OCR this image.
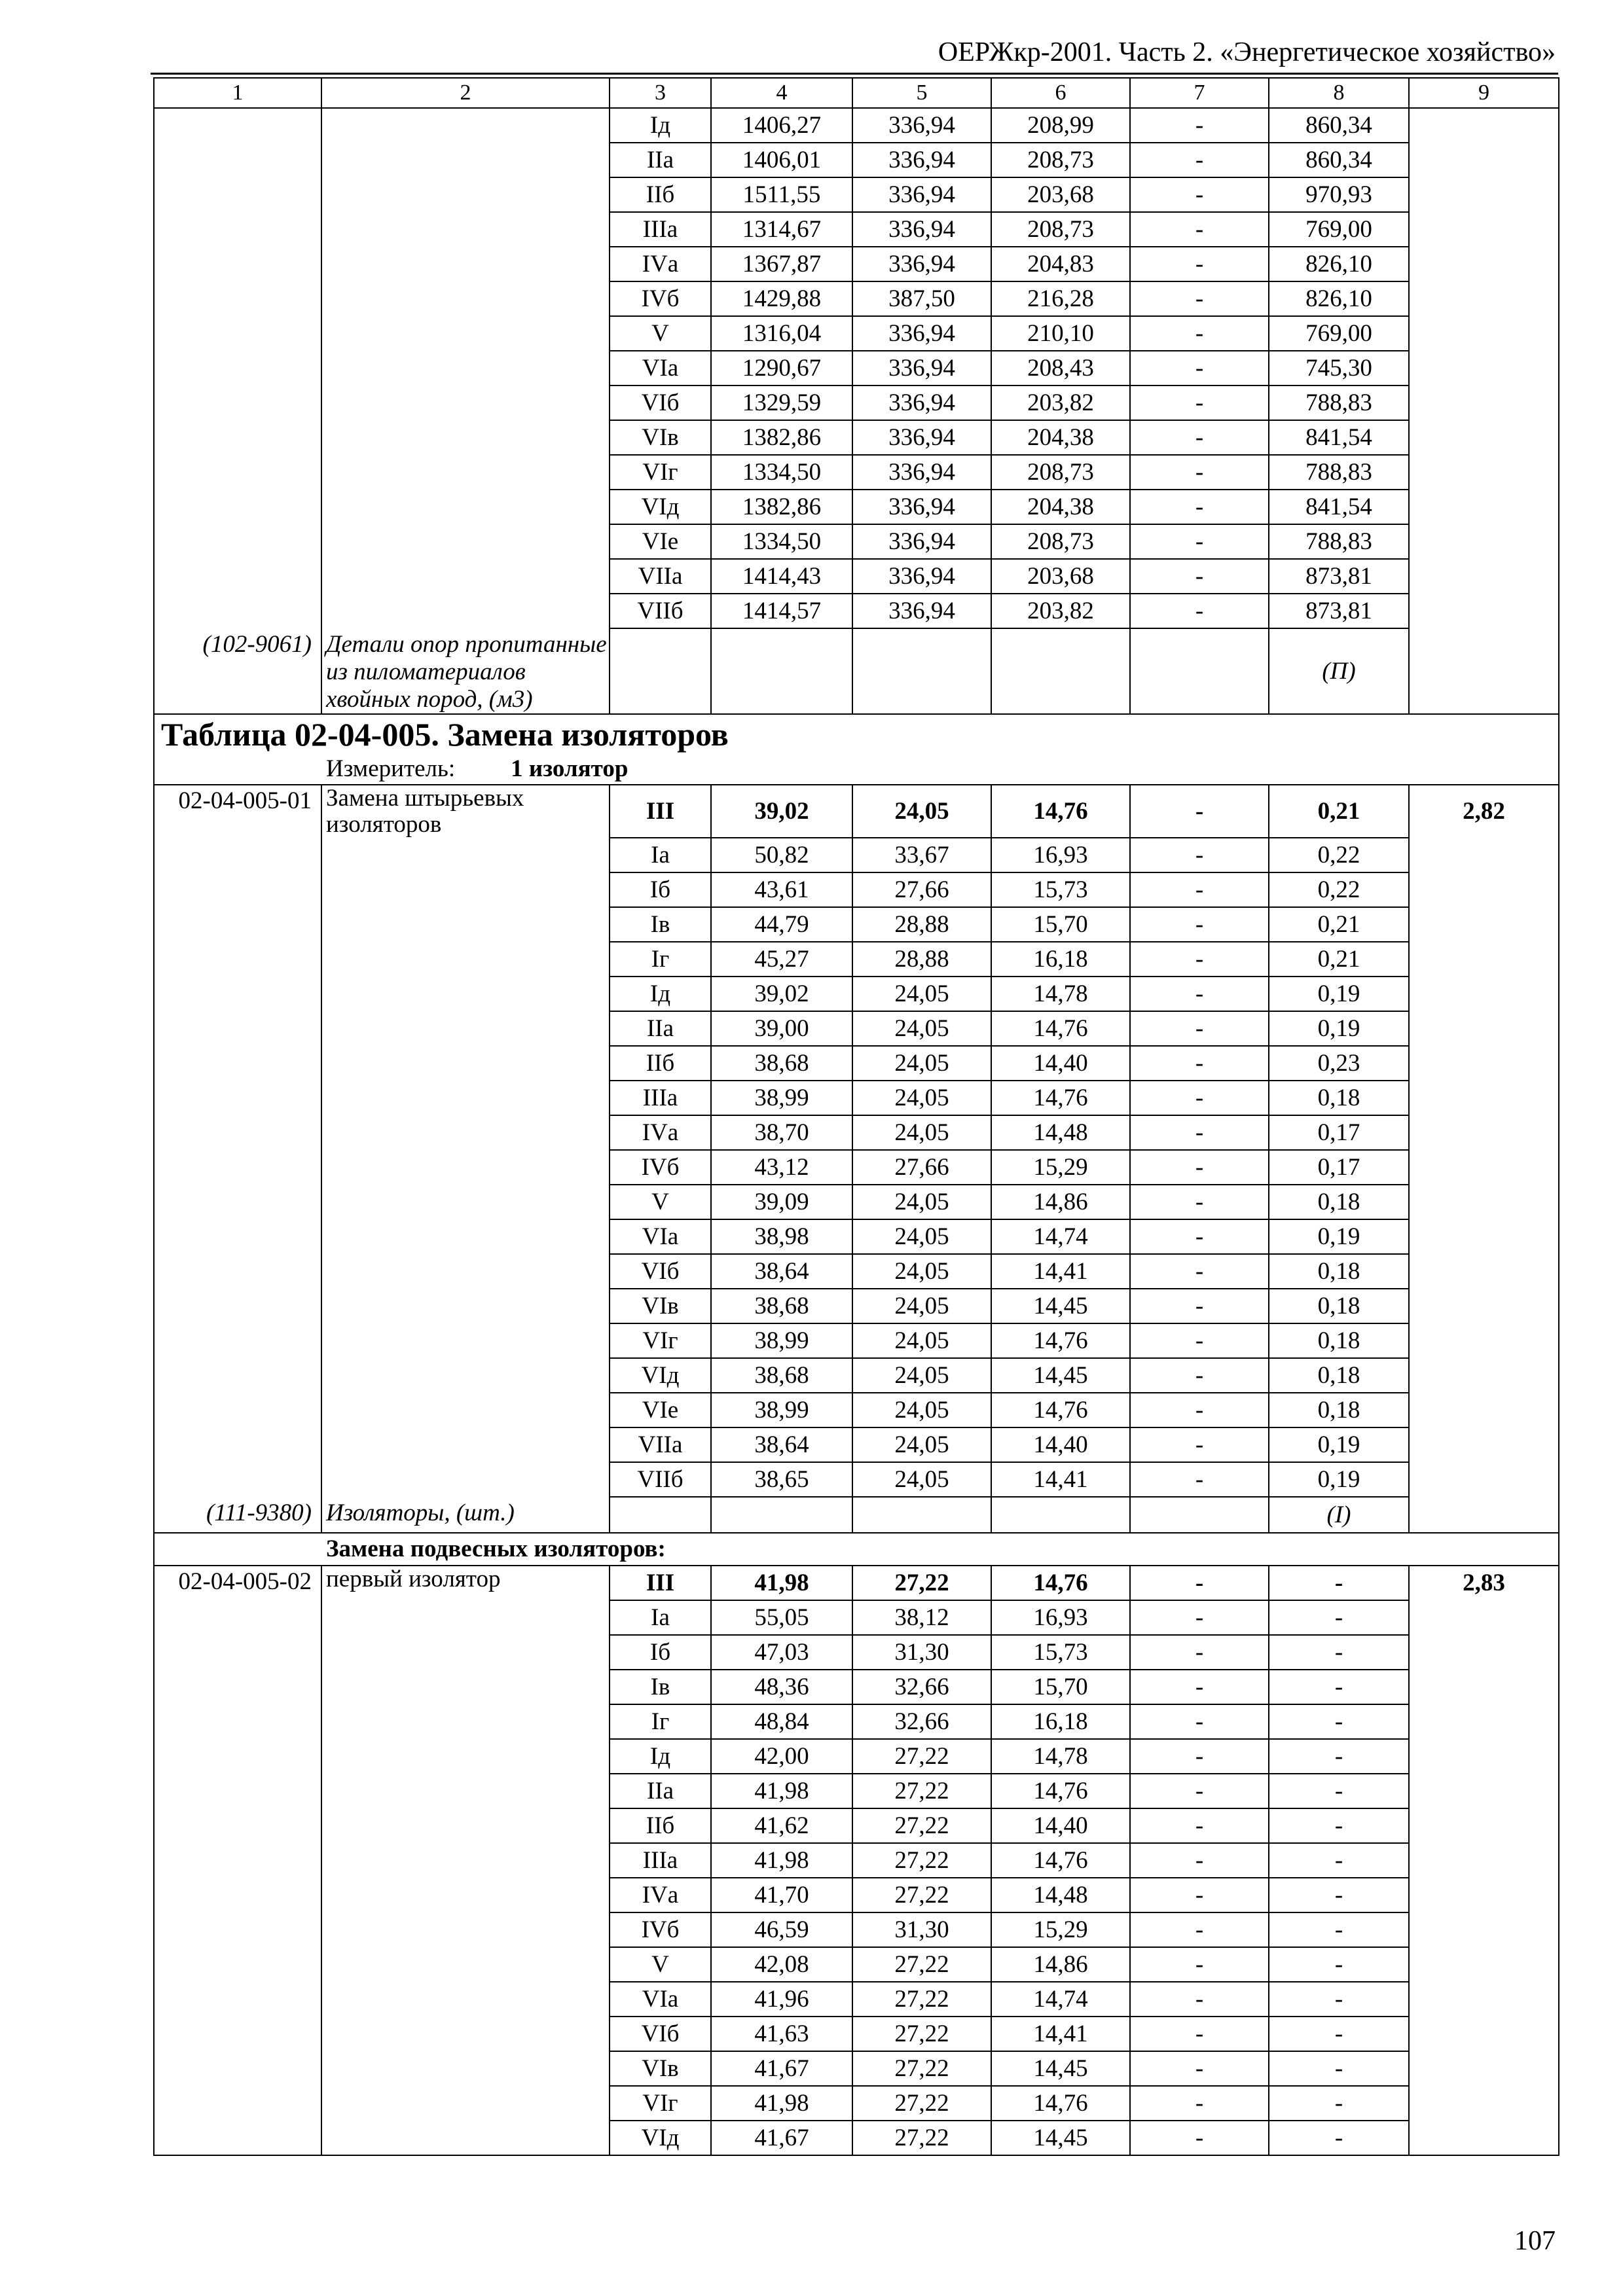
ОЕРЖкр-2001. Часть 2. «Энергетическое хозяйство»
1	2	3	4	5	6	7	8	9
		Iд	1406,27	336,94	208,99	-	860,34	
		IIа	1406,01	336,94	208,73	-	860,34	
		IIб	1511,55	336,94	203,68	-	970,93	
		IIIа	1314,67	336,94	208,73	-	769,00	
		IVа	1367,87	336,94	204,83	-	826,10	
		IVб	1429,88	387,50	216,28	-	826,10	
		V	1316,04	336,94	210,10	-	769,00	
		VIа	1290,67	336,94	208,43	-	745,30	
		VIб	1329,59	336,94	203,82	-	788,83	
		VIв	1382,86	336,94	204,38	-	841,54	
		VIг	1334,50	336,94	208,73	-	788,83	
		VIд	1382,86	336,94	204,38	-	841,54	
		VIе	1334,50	336,94	208,73	-	788,83	
		VIIа	1414,43	336,94	203,68	-	873,81	
		VIIб	1414,57	336,94	203,82	-	873,81	
(102-9061)	Детали опор пропитанные из пиломатериалов хвойных пород, (м3)						(П)	

Таблица 02-04-005. Замена изоляторов
Измеритель: 1 изолятор								

02-04-005-01	Замена штырьевых изоляторов	III	39,02	24,05	14,76	-	0,21	2,82
		Iа	50,82	33,67	16,93	-	0,22	
		Iб	43,61	27,66	15,73	-	0,22	
		Iв	44,79	28,88	15,70	-	0,21	
		Iг	45,27	28,88	16,18	-	0,21	
		Iд	39,02	24,05	14,78	-	0,19	
		IIа	39,00	24,05	14,76	-	0,19	
		IIб	38,68	24,05	14,40	-	0,23	
		IIIа	38,99	24,05	14,76	-	0,18	
		IVа	38,70	24,05	14,48	-	0,17	
		IVб	43,12	27,66	15,29	-	0,17	
		V	39,09	24,05	14,86	-	0,18	
		VIа	38,98	24,05	14,74	-	0,19	
		VIб	38,64	24,05	14,41	-	0,18	
		VIв	38,68	24,05	14,45	-	0,18	
		VIг	38,99	24,05	14,76	-	0,18	
		VIд	38,68	24,05	14,45	-	0,18	
		VIе	38,99	24,05	14,76	-	0,18	
		VIIа	38,64	24,05	14,40	-	0,19	
		VIIб	38,65	24,05	14,41	-	0,19	
(111-9380)	Изоляторы, (шт.)						(I)	

Замена подвесных изоляторов:								

02-04-005-02	первый изолятор	III	41,98	27,22	14,76	-	-	2,83
		Iа	55,05	38,12	16,93	-	-	
		Iб	47,03	31,30	15,73	-	-	
		Iв	48,36	32,66	15,70	-	-	
		Iг	48,84	32,66	16,18	-	-	
		Iд	42,00	27,22	14,78	-	-	
		IIа	41,98	27,22	14,76	-	-	
		IIб	41,62	27,22	14,40	-	-	
		IIIа	41,98	27,22	14,76	-	-	
		IVа	41,70	27,22	14,48	-	-	
		IVб	46,59	31,30	15,29	-	-	
		V	42,08	27,22	14,86	-	-	
		VIа	41,96	27,22	14,74	-	-	
		VIб	41,63	27,22	14,41	-	-	
		VIв	41,67	27,22	14,45	-	-	
		VIг	41,98	27,22	14,76	-	-	
		VIд	41,67	27,22	14,45	-	-	
107
